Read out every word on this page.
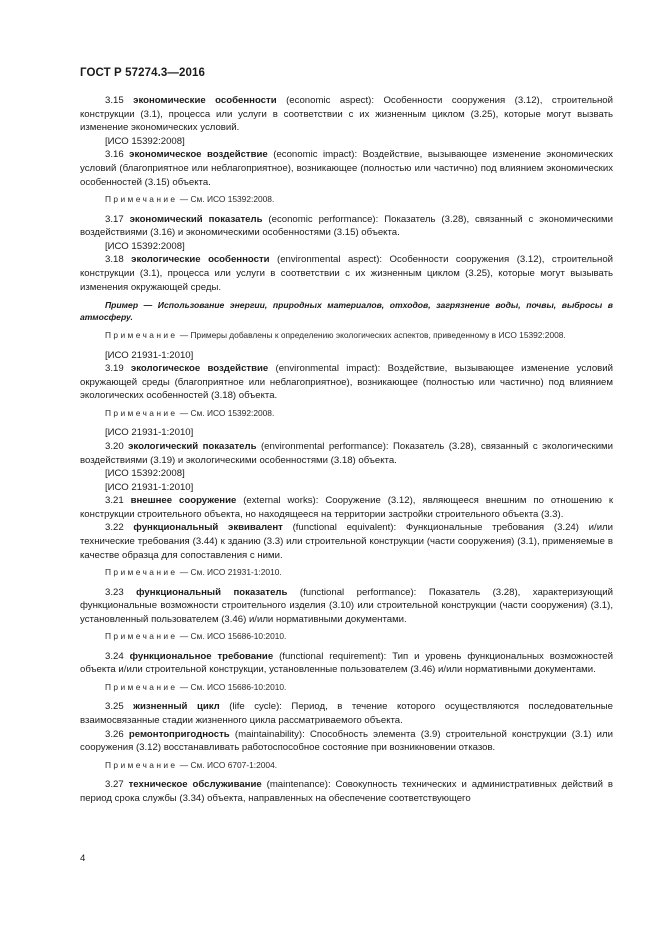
ГОСТ Р 57274.3—2016
3.15 экономические особенности (economic aspect): Особенности сооружения (3.12), строительной конструкции (3.1), процесса или услуги в соответствии с их жизненным циклом (3.25), которые могут вызвать изменение экономических условий.
[ИСО 15392:2008]
3.16 экономическое воздействие (economic impact): Воздействие, вызывающее изменение экономических условий (благоприятное или неблагоприятное), возникающее (полностью или частично) под влиянием экономических особенностей (3.15) объекта.
Примечание — См. ИСО 15392:2008.
3.17 экономический показатель (economic performance): Показатель (3.28), связанный с экономическими воздействиями (3.16) и экономическими особенностями (3.15) объекта.
[ИСО 15392:2008]
3.18 экологические особенности (environmental aspect): Особенности сооружения (3.12), строительной конструкции (3.1), процесса или услуги в соответствии с их жизненным циклом (3.25), которые могут вызывать изменения окружающей среды.
Пример — Использование энергии, природных материалов, отходов, загрязнение воды, почвы, выбросы в атмосферу.
Примечание — Примеры добавлены к определению экологических аспектов, приведенному в ИСО 15392:2008.
[ИСО 21931-1:2010]
3.19 экологическое воздействие (environmental impact): Воздействие, вызывающее изменение условий окружающей среды (благоприятное или неблагоприятное), возникающее (полностью или частично) под влиянием экологических особенностей (3.18) объекта.
Примечание — См. ИСО 15392:2008.
[ИСО 21931-1:2010]
3.20 экологический показатель (environmental performance): Показатель (3.28), связанный с экологическими воздействиями (3.19) и экологическими особенностями (3.18) объекта.
[ИСО 15392:2008]
[ИСО 21931-1:2010]
3.21 внешнее сооружение (external works): Сооружение (3.12), являющееся внешним по отношению к конструкции строительного объекта, но находящееся на территории застройки строительного объекта (3.3).
3.22 функциональный эквивалент (functional equivalent): Функциональные требования (3.24) и/или технические требования (3.44) к зданию (3.3) или строительной конструкции (части сооружения) (3.1), применяемые в качестве образца для сопоставления с ними.
Примечание — См. ИСО 21931-1:2010.
3.23 функциональный показатель (functional performance): Показатель (3.28), характеризующий функциональные возможности строительного изделия (3.10) или строительной конструкции (части сооружения) (3.1), установленный пользователем (3.46) и/или нормативными документами.
Примечание — См. ИСО 15686-10:2010.
3.24 функциональное требование (functional requirement): Тип и уровень функциональных возможностей объекта и/или строительной конструкции, установленные пользователем (3.46) и/или нормативными документами.
Примечание — См. ИСО 15686-10:2010.
3.25 жизненный цикл (life cycle): Период, в течение которого осуществляются последовательные взаимосвязанные стадии жизненного цикла рассматриваемого объекта.
3.26 ремонтопригодность (maintainability): Способность элемента (3.9) строительной конструкции (3.1) или сооружения (3.12) восстанавливать работоспособное состояние при возникновении отказов.
Примечание — См. ИСО 6707-1:2004.
3.27 техническое обслуживание (maintenance): Совокупность технических и административных действий в период срока службы (3.34) объекта, направленных на обеспечение соответствующего
4
